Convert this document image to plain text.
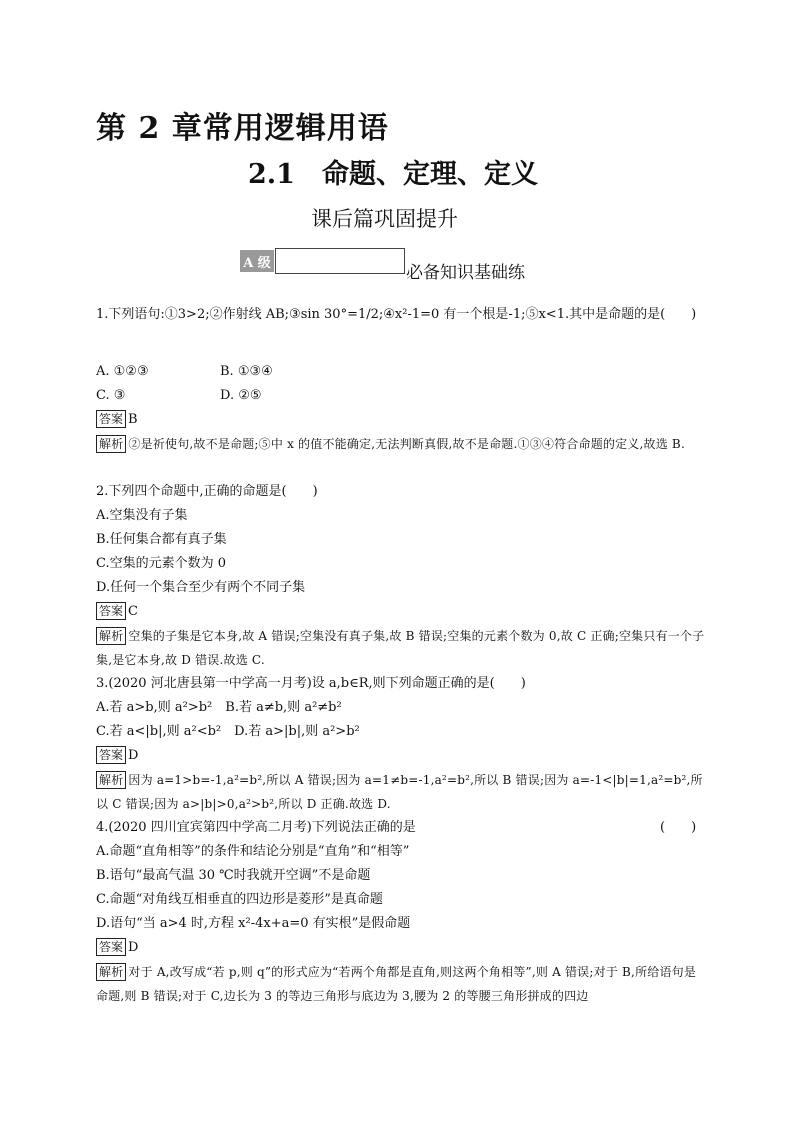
第 2 章常用逻辑用语
2.1　命题、定理、定义
课后篇巩固提升
A 级	必备知识基础练
1.下列语句:①3>2;②作射线 AB;③sin 30°=1/2;④x²-1=0 有一个根是-1;⑤x<1.其中是命题的是(　　)
A. ①②③	B. ①③④
C. ③	D. ②⑤
答案 B
解析 ②是祈使句,故不是命题;⑤中 x 的值不能确定,无法判断真假,故不是命题.①③④符合命题的定义,故选 B.
2.下列四个命题中,正确的命题是(　　)
A.空集没有子集
B.任何集合都有真子集
C.空集的元素个数为 0
D.任何一个集合至少有两个不同子集
答案 C
解析 空集的子集是它本身,故 A 错误;空集没有真子集,故 B 错误;空集的元素个数为 0,故 C 正确;空集只有一个子集,是它本身,故 D 错误.故选 C.
3.(2020 河北唐县第一中学高一月考)设 a,b∈R,则下列命题正确的是(　　)
A.若 a>b,则 a²>b²　B.若 a≠b,则 a²≠b²
C.若 a<|b|,则 a²<b²　D.若 a>|b|,则 a²>b²
答案 D
解析 因为 a=1>b=-1,a²=b²,所以 A 错误;因为 a=1≠b=-1,a²=b²,所以 B 错误;因为 a=-1<|b|=1,a²=b²,所以 C 错误;因为 a>|b|>0,a²>b²,所以 D 正确.故选 D.
4.(2020 四川宜宾第四中学高二月考)下列说法正确的是	(　　)
A.命题“直角相等”的条件和结论分别是“直角”和“相等”
B.语句“最高气温 30 ℃时我就开空调”不是命题
C.命题“对角线互相垂直的四边形是菱形”是真命题
D.语句“当 a>4 时,方程 x²-4x+a=0 有实根”是假命题
答案 D
解析 对于 A,改写成“若 p,则 q”的形式应为“若两个角都是直角,则这两个角相等”,则 A 错误;对于 B,所给语句是命题,则 B 错误;对于 C,边长为 3 的等边三角形与底边为 3,腰为 2 的等腰三角形拼成的四边
